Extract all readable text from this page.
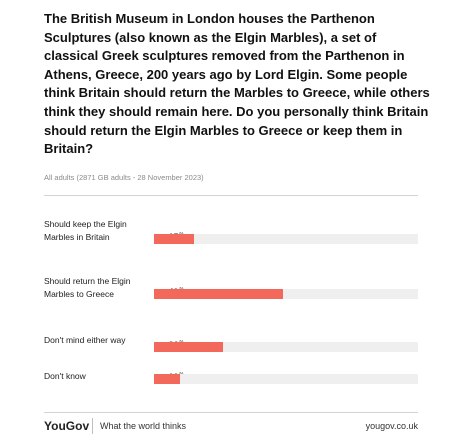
The British Museum in London houses the Parthenon Sculptures (also known as the Elgin Marbles), a set of classical Greek sculptures removed from the Parthenon in Athens, Greece, 200 years ago by Lord Elgin. Some people think Britain should return the Marbles to Greece, while others think they should remain here. Do you personally think Britain should return the Elgin Marbles to Greece or keep them in Britain?
All adults (2871 GB adults - 28 November 2023)
Should keep the Elgin Marbles in Britain
Should return the Elgin Marbles to Greece
Don't mind either way
Don't know
YouGov What the world thinks	yougov.co.uk
